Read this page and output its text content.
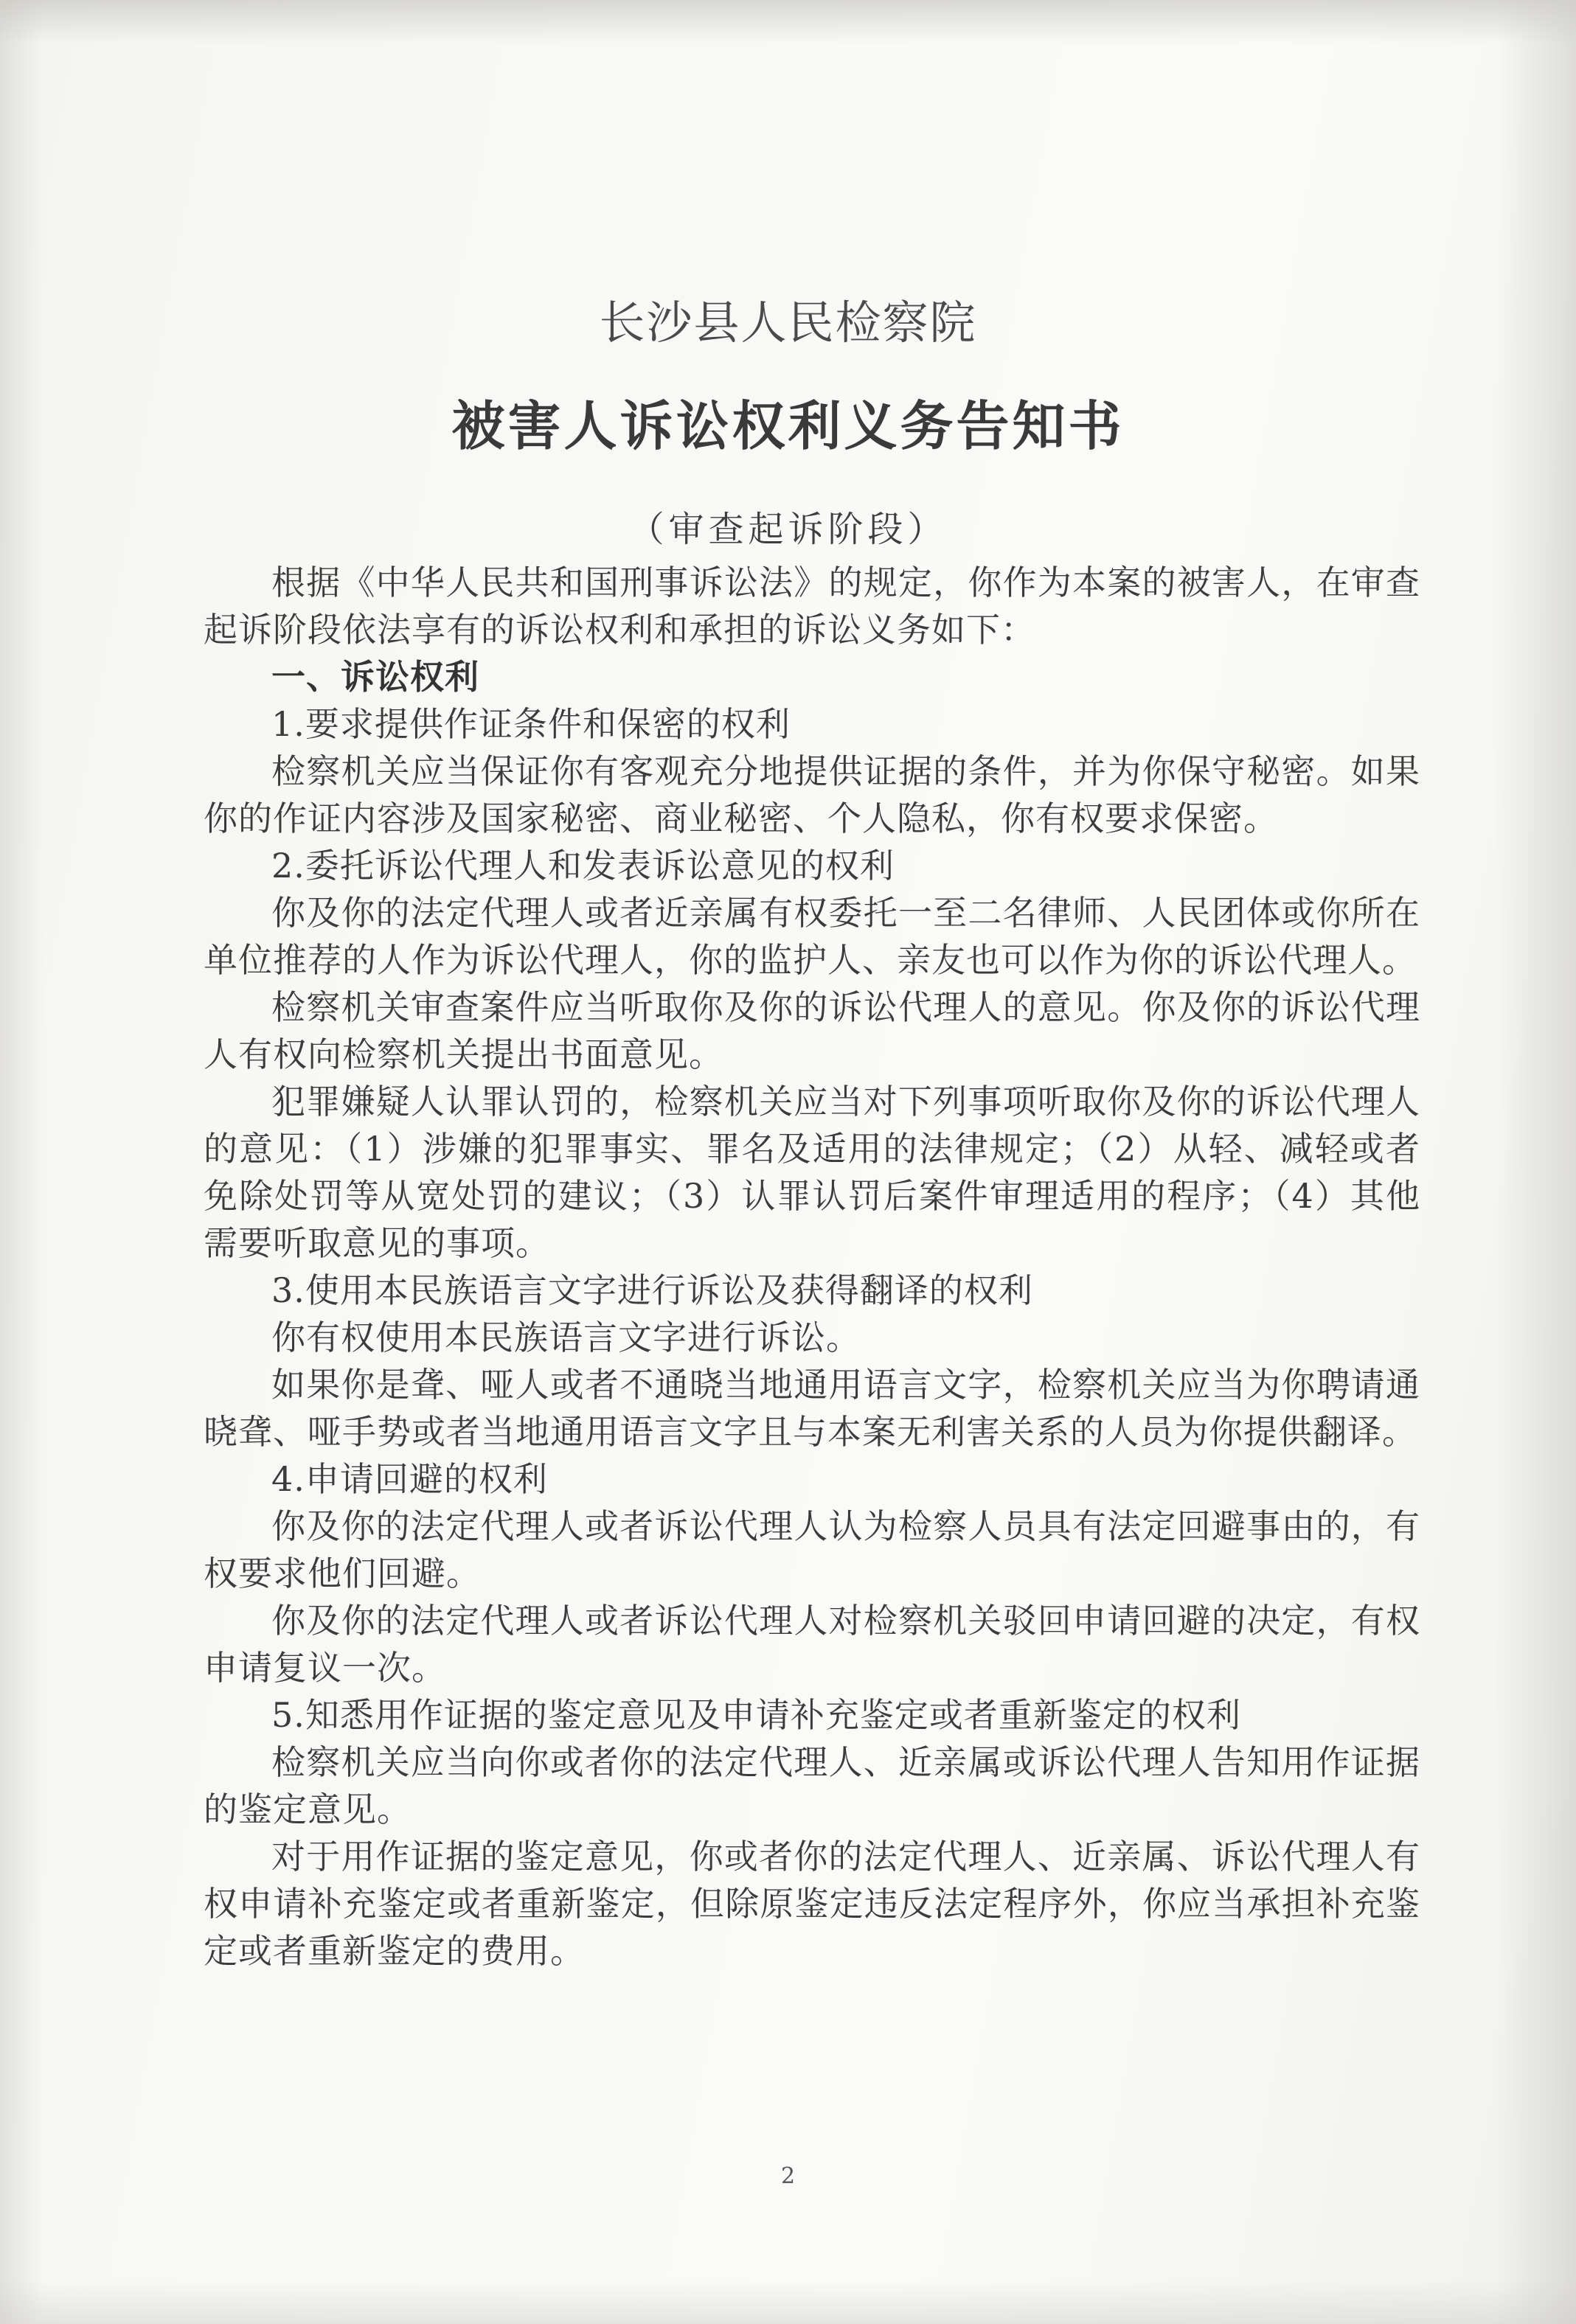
长沙县人民检察院
被害人诉讼权利义务告知书
（审查起诉阶段）

根据《中华人民共和国刑事诉讼法》的规定，你作为本案的被害人，在审查起诉阶段依法享有的诉讼权利和承担的诉讼义务如下：

一、诉讼权利

1.要求提供作证条件和保密的权利

检察机关应当保证你有客观充分地提供证据的条件，并为你保守秘密。如果你的作证内容涉及国家秘密、商业秘密、个人隐私，你有权要求保密。

2.委托诉讼代理人和发表诉讼意见的权利

你及你的法定代理人或者近亲属有权委托一至二名律师、人民团体或你所在单位推荐的人作为诉讼代理人，你的监护人、亲友也可以作为你的诉讼代理人。

检察机关审查案件应当听取你及你的诉讼代理人的意见。你及你的诉讼代理人有权向检察机关提出书面意见。

犯罪嫌疑人认罪认罚的，检察机关应当对下列事项听取你及你的诉讼代理人的意见：（1）涉嫌的犯罪事实、罪名及适用的法律规定；（2）从轻、减轻或者免除处罚等从宽处罚的建议；（3）认罪认罚后案件审理适用的程序；（4）其他需要听取意见的事项。

3.使用本民族语言文字进行诉讼及获得翻译的权利

你有权使用本民族语言文字进行诉讼。

如果你是聋、哑人或者不通晓当地通用语言文字，检察机关应当为你聘请通晓聋、哑手势或者当地通用语言文字且与本案无利害关系的人员为你提供翻译。

4.申请回避的权利

你及你的法定代理人或者诉讼代理人认为检察人员具有法定回避事由的，有权要求他们回避。

你及你的法定代理人或者诉讼代理人对检察机关驳回申请回避的决定，有权申请复议一次。

5.知悉用作证据的鉴定意见及申请补充鉴定或者重新鉴定的权利

检察机关应当向你或者你的法定代理人、近亲属或诉讼代理人告知用作证据的鉴定意见。

对于用作证据的鉴定意见，你或者你的法定代理人、近亲属、诉讼代理人有权申请补充鉴定或者重新鉴定，但除原鉴定违反法定程序外，你应当承担补充鉴定或者重新鉴定的费用。

2
